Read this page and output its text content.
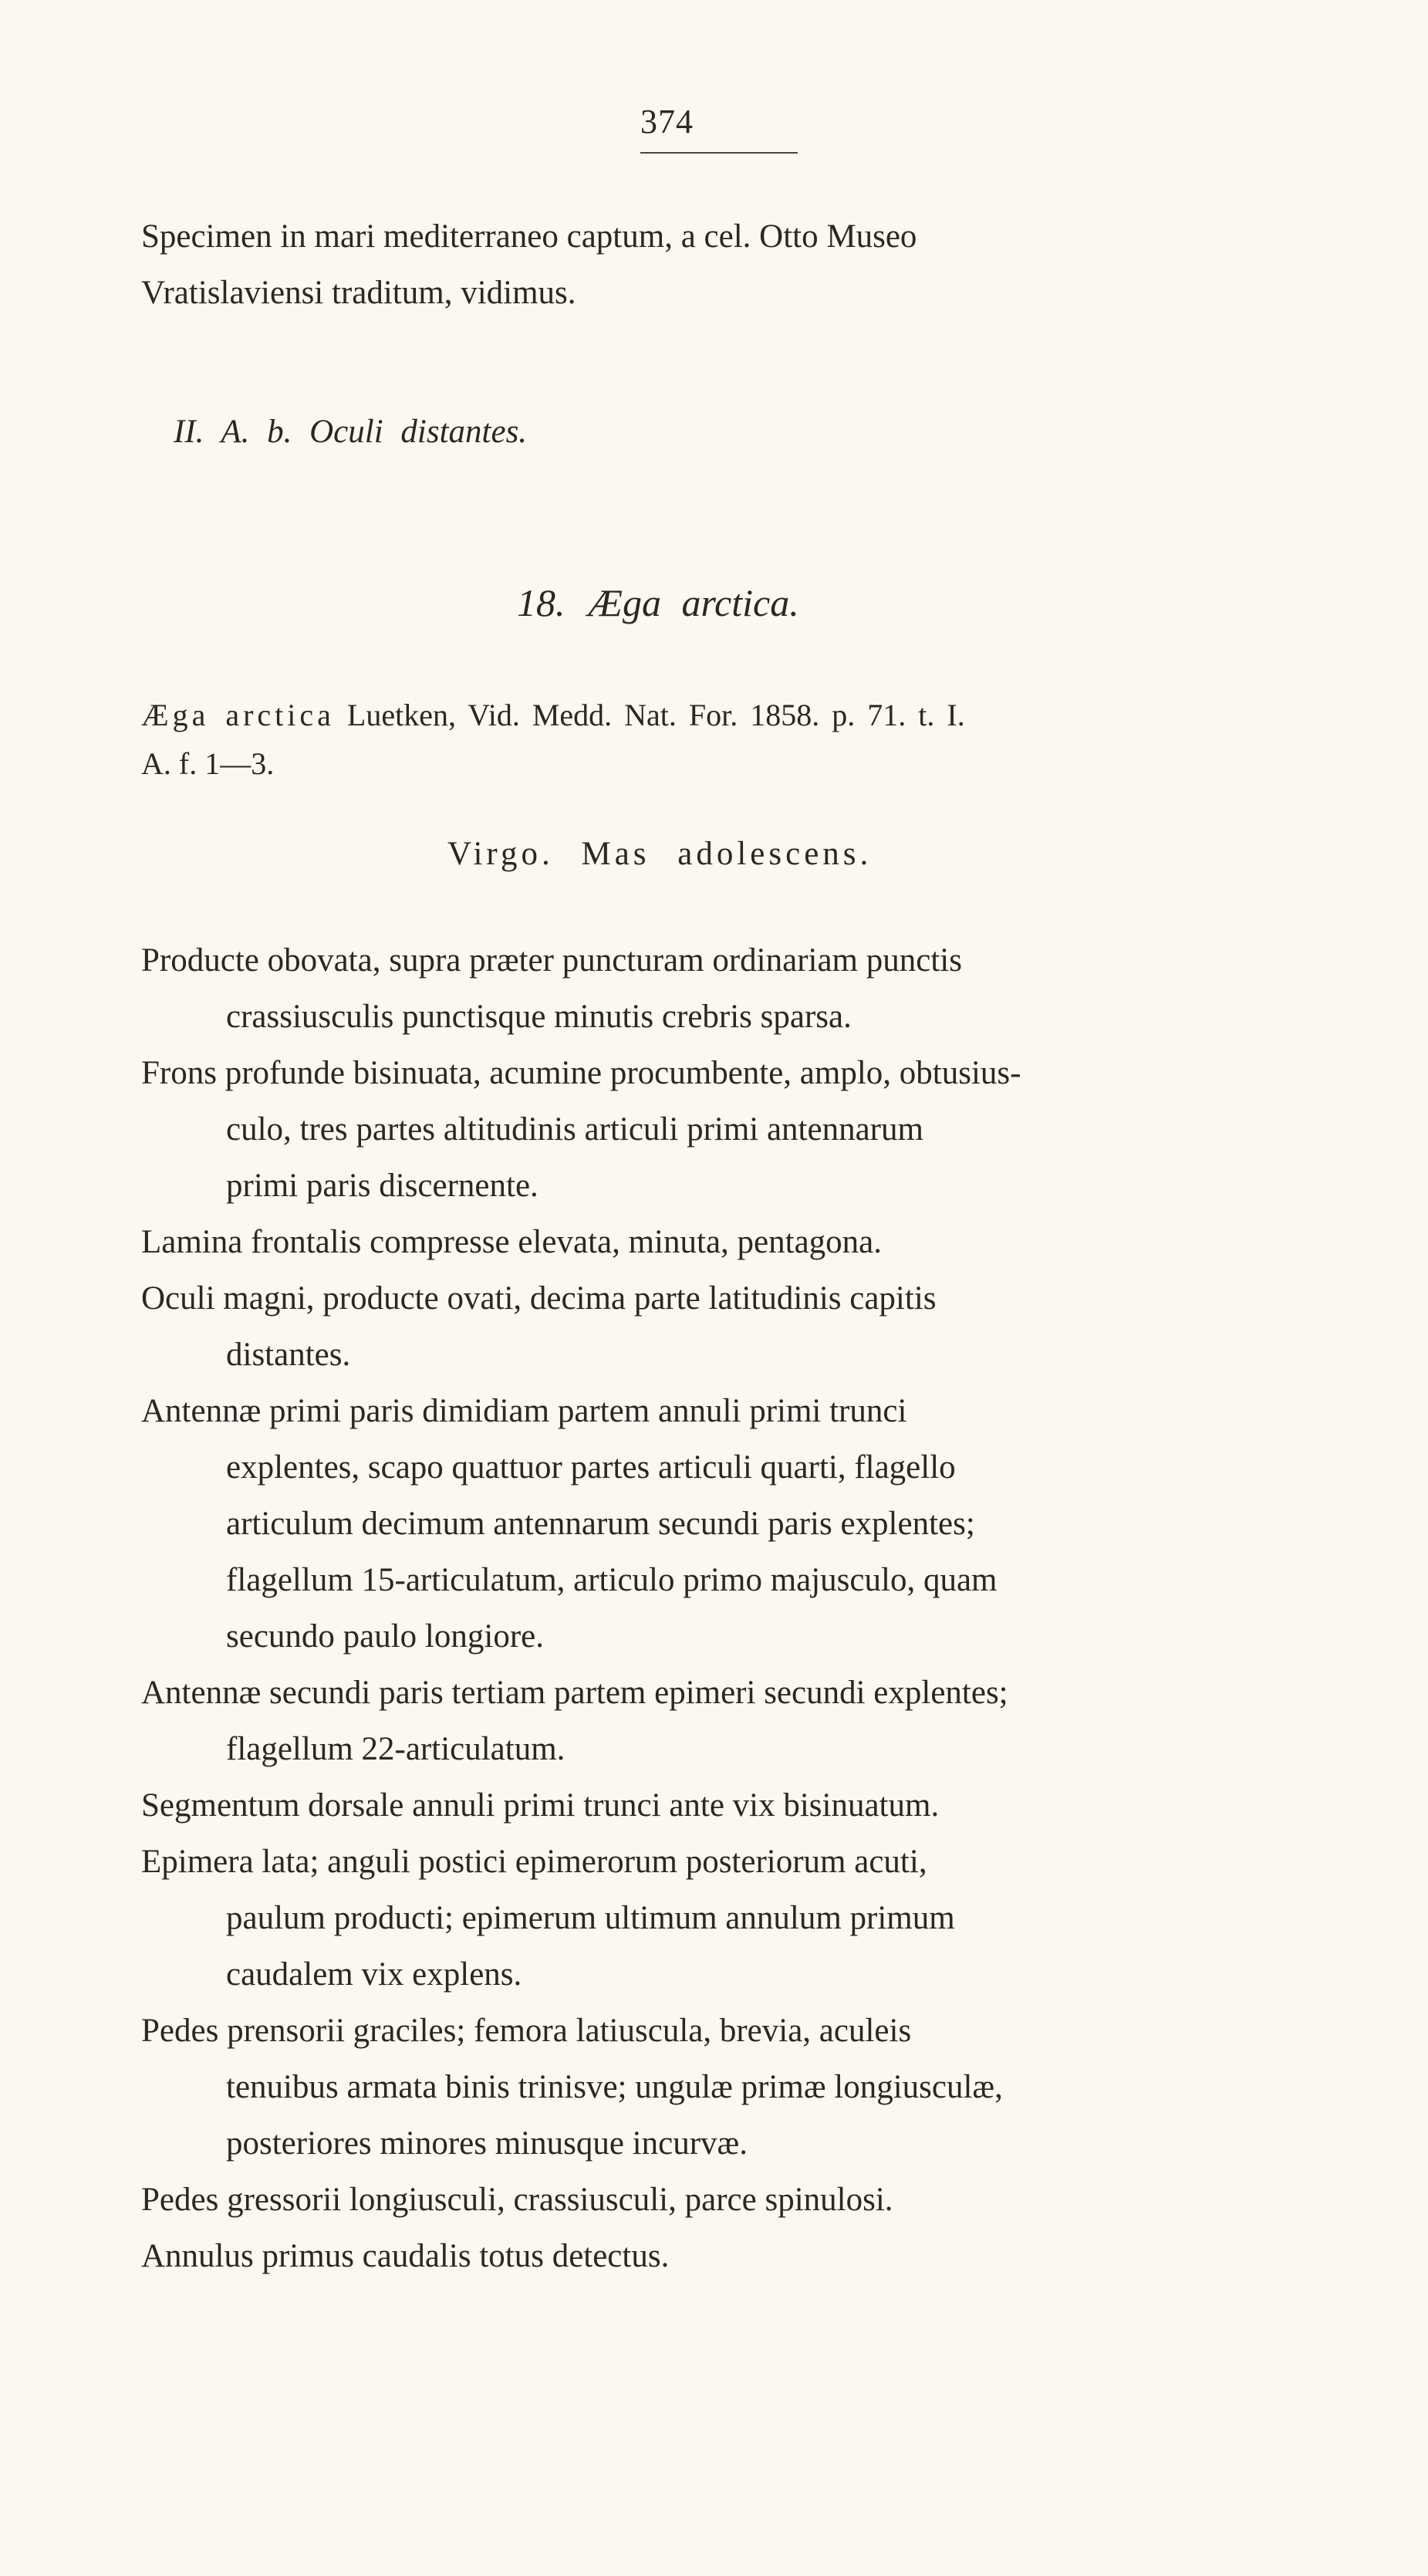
374

Specimen in mari mediterraneo captum, a cel. Otto Museo
Vratislaviensi traditum, vidimus.

II. A. b. Oculi distantes.
18. Æga arctica.

Æga arctica Luetken, Vid. Medd. Nat. For. 1858. p. 71. t. I.
A. f. 1—3.

Virgo. Mas adolescens.

Producte obovata, supra præter puncturam ordinariam punctis
crassiusculis punctisque minutis crebris sparsa.

Frons profunde bisinuata, acumine procumbente, amplo, obtusius-
culo, tres partes altitudinis articuli primi antennarum
primi paris discernente.

Lamina frontalis compresse elevata, minuta, pentagona.

Oculi magni, producte ovati, decima parte latitudinis capitis
distantes.

Antennæ primi paris dimidiam partem annuli primi trunci
explentes, scapo quattuor partes articuli quarti, flagello
articulum decimum antennarum secundi paris explentes;
flagellum 15-articulatum, articulo primo majusculo, quam
secundo paulo longiore.

Antennæ secundi paris tertiam partem epimeri secundi explentes;
flagellum 22-articulatum.

Segmentum dorsale annuli primi trunci ante vix bisinuatum.

Epimera lata; anguli postici epimerorum posteriorum acuti,
paulum producti; epimerum ultimum annulum primum
caudalem vix explens.

Pedes prensorii graciles; femora latiuscula, brevia, aculeis
tenuibus armata binis trinisve; ungulæ primæ longiusculæ,
posteriores minores minusque incurvæ.

Pedes gressorii longiusculi, crassiusculi, parce spinulosi.

Annulus primus caudalis totus detectus.
